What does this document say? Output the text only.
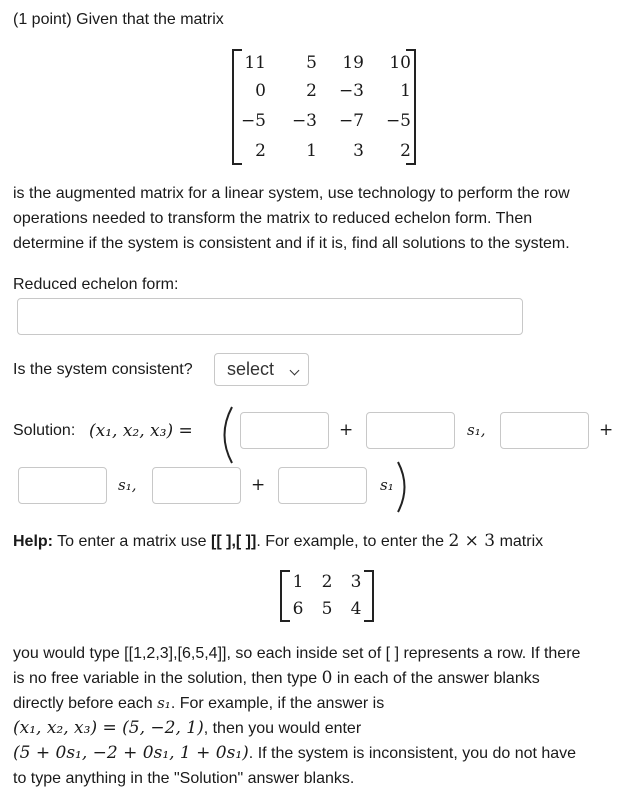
(1 point) Given that the matrix
11	5	19	10
0	2	−3	1
−5	−3	−7	−5
2	1	3	2
is the augmented matrix for a linear system, use technology to perform the row
operations needed to transform the matrix to reduced echelon form. Then
determine if the system is consistent and if it is, find all solutions to the system.
Reduced echelon form:
Is the system consistent?	select
Solution: (x₁, x₂, x₃) =	+	s₁,	+
s₁,	+	s₁
Help: To enter a matrix use [[ ],[ ]]. For example, to enter the 2 × 3 matrix
1 2 3
6 5 4
you would type [[1,2,3],[6,5,4]], so each inside set of [ ] represents a row. If there
is no free variable in the solution, then type 0 in each of the answer blanks
directly before each s₁. For example, if the answer is
(x₁, x₂, x₃) = (5, −2, 1), then you would enter
(5 + 0s₁, −2 + 0s₁, 1 + 0s₁). If the system is inconsistent, you do not have
to type anything in the "Solution" answer blanks.
